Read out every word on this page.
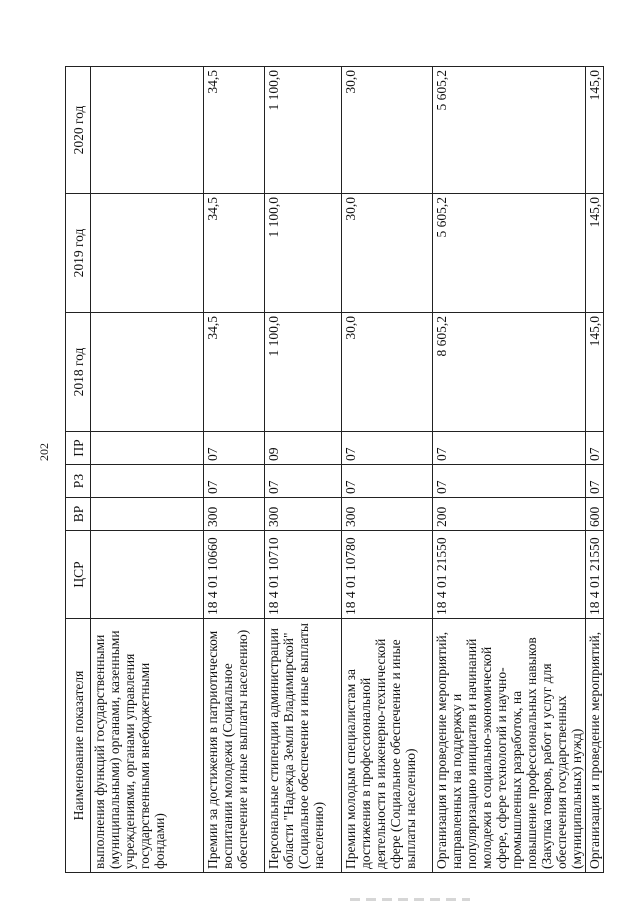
202
Наименование показателя	ЦСР	ВР	РЗ	ПР	2018 год	2019 год	2020 год
выполнения функций государственными (муниципальными) органами, казенными учреждениями, органами управления государственными внебюджетными фондами)							
Премии за достижения в патриотическом воспитании молодежи (Социальное обеспечение и иные выплаты населению)	18 4 01 10660	300	07	07	34,5	34,5	34,5
Персональные стипендии администрации области "Надежда Земли Владимирской" (Социальное обеспечение и иные выплаты населению)	18 4 01 10710	300	07	09	1 100,0	1 100,0	1 100,0
Премии молодым специалистам за достижения в профессиональной деятельности в инженерно-технической сфере (Социальное обеспечение и иные выплаты населению)	18 4 01 10780	300	07	07	30,0	30,0	30,0
Организация и проведение мероприятий, направленных на поддержку и популяризацию инициатив и начинаний молодежи в социально-экономической сфере, сфере технологий и научно-промышленных разработок, на повышение профессиональных навыков (Закупка товаров, работ и услуг для обеспечения государственных (муниципальных) нужд)	18 4 01 21550	200	07	07	8 605,2	5 605,2	5 605,2
Организация и проведение мероприятий,	18 4 01 21550	600	07	07	145,0	145,0	145,0
